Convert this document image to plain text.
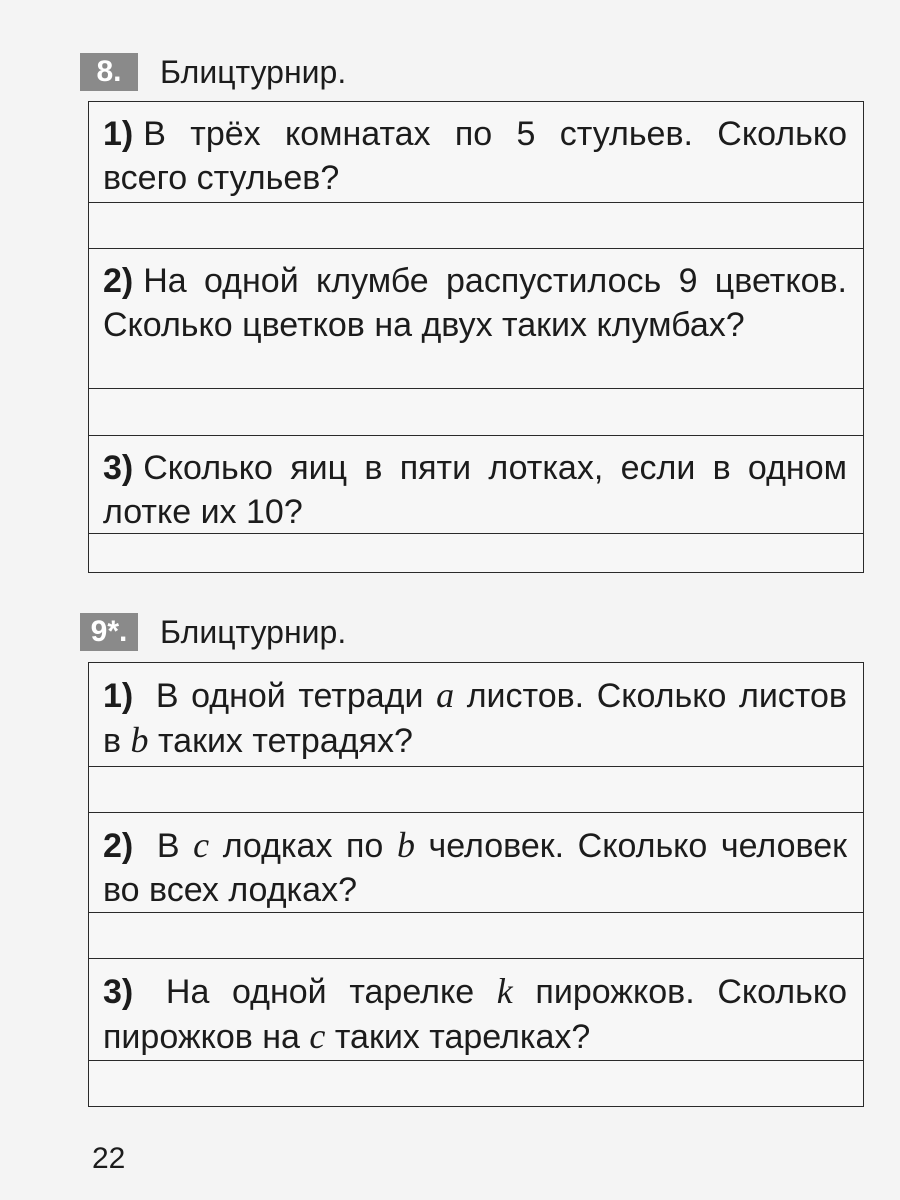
8.	Блицтурнир.
1) В трёх комнатах по 5 стульев. Сколько всего стульев?
2) На одной клумбе распустилось 9 цветков. Сколько цветков на двух таких клумбах?
3) Сколько яиц в пяти лотках, если в одном лотке их 10?
9*.	Блицтурнир.
1) В одной тетради a листов. Сколько листов в b таких тетрадях?
2) В c лодках по b человек. Сколько человек во всех лодках?
3) На одной тарелке k пирожков. Сколько пирожков на c таких тарелках?
22
